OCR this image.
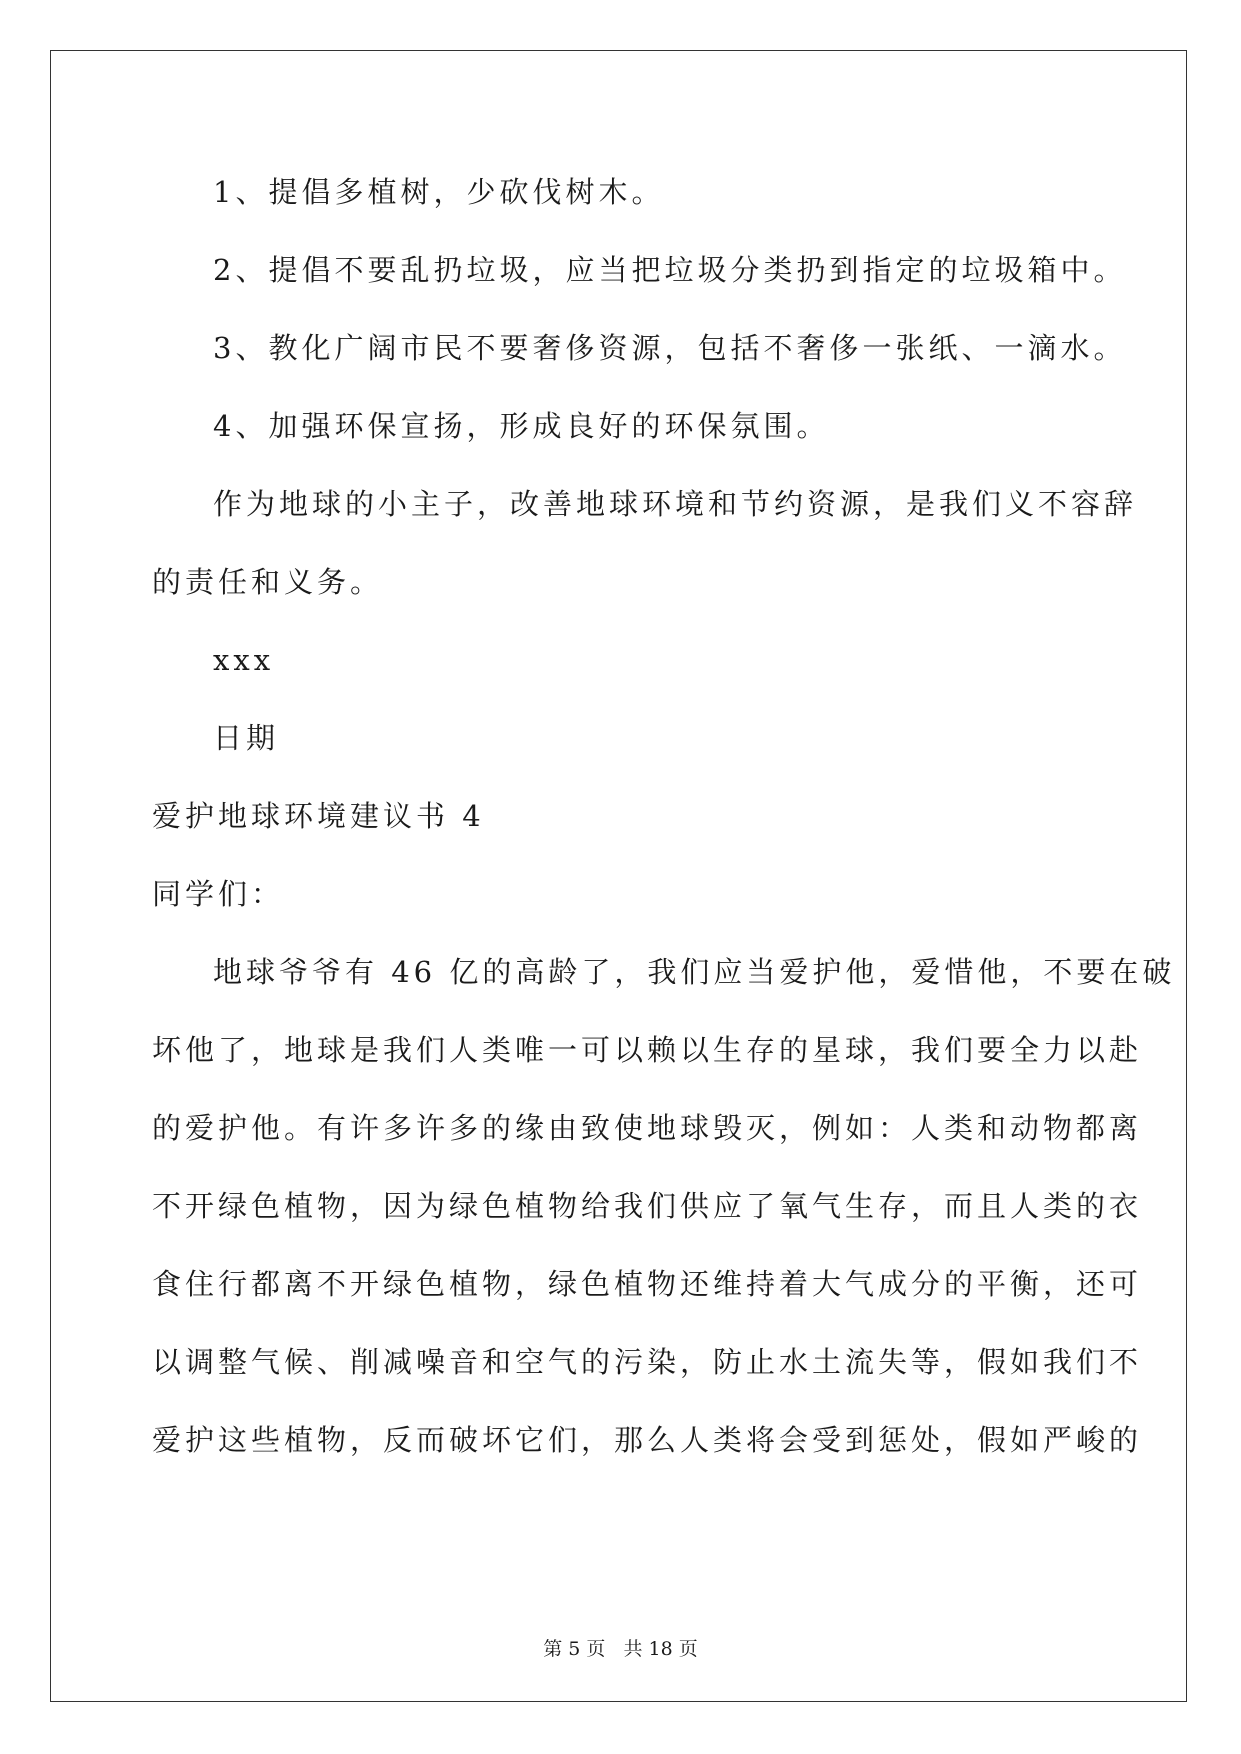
1、提倡多植树，少砍伐树木。
2、提倡不要乱扔垃圾，应当把垃圾分类扔到指定的垃圾箱中。
3、教化广阔市民不要奢侈资源，包括不奢侈一张纸、一滴水。
4、加强环保宣扬，形成良好的环保氛围。
作为地球的小主子，改善地球环境和节约资源，是我们义不容辞
的责任和义务。
xxx
日期
爱护地球环境建议书 4
同学们：
地球爷爷有 46 亿的高龄了，我们应当爱护他，爱惜他，不要在破
坏他了，地球是我们人类唯一可以赖以生存的星球，我们要全力以赴
的爱护他。有许多许多的缘由致使地球毁灭，例如：人类和动物都离
不开绿色植物，因为绿色植物给我们供应了氧气生存，而且人类的衣
食住行都离不开绿色植物，绿色植物还维持着大气成分的平衡，还可
以调整气候、削减噪音和空气的污染，防止水土流失等，假如我们不
爱护这些植物，反而破坏它们，那么人类将会受到惩处，假如严峻的
第 5 页   共 18 页
